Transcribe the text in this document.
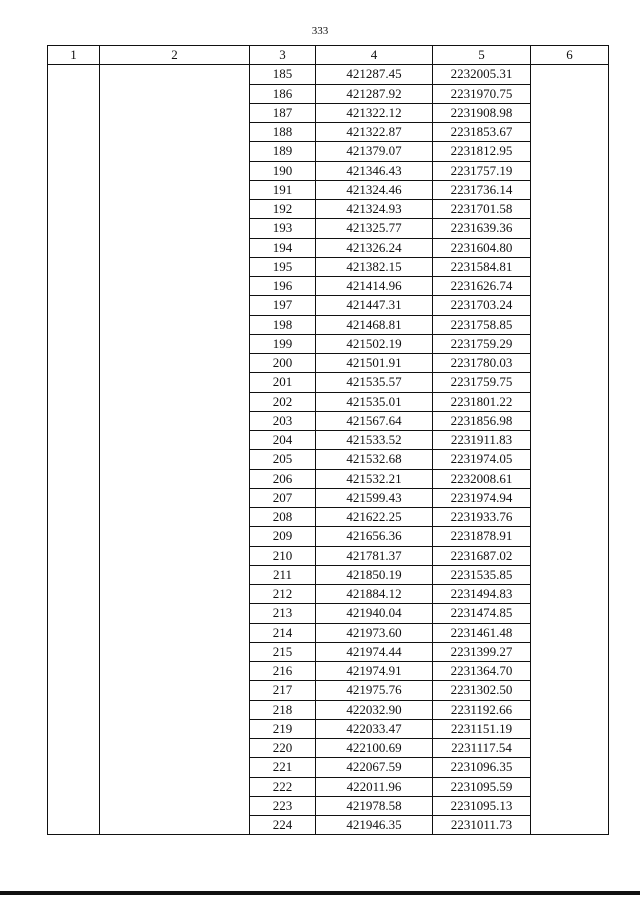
333
1	2	3	4	5	6
		185	421287.45	2232005.31	
		186	421287.92	2231970.75	
		187	421322.12	2231908.98	
		188	421322.87	2231853.67	
		189	421379.07	2231812.95	
		190	421346.43	2231757.19	
		191	421324.46	2231736.14	
		192	421324.93	2231701.58	
		193	421325.77	2231639.36	
		194	421326.24	2231604.80	
		195	421382.15	2231584.81	
		196	421414.96	2231626.74	
		197	421447.31	2231703.24	
		198	421468.81	2231758.85	
		199	421502.19	2231759.29	
		200	421501.91	2231780.03	
		201	421535.57	2231759.75	
		202	421535.01	2231801.22	
		203	421567.64	2231856.98	
		204	421533.52	2231911.83	
		205	421532.68	2231974.05	
		206	421532.21	2232008.61	
		207	421599.43	2231974.94	
		208	421622.25	2231933.76	
		209	421656.36	2231878.91	
		210	421781.37	2231687.02	
		211	421850.19	2231535.85	
		212	421884.12	2231494.83	
		213	421940.04	2231474.85	
		214	421973.60	2231461.48	
		215	421974.44	2231399.27	
		216	421974.91	2231364.70	
		217	421975.76	2231302.50	
		218	422032.90	2231192.66	
		219	422033.47	2231151.19	
		220	422100.69	2231117.54	
		221	422067.59	2231096.35	
		222	422011.96	2231095.59	
		223	421978.58	2231095.13	
		224	421946.35	2231011.73	
